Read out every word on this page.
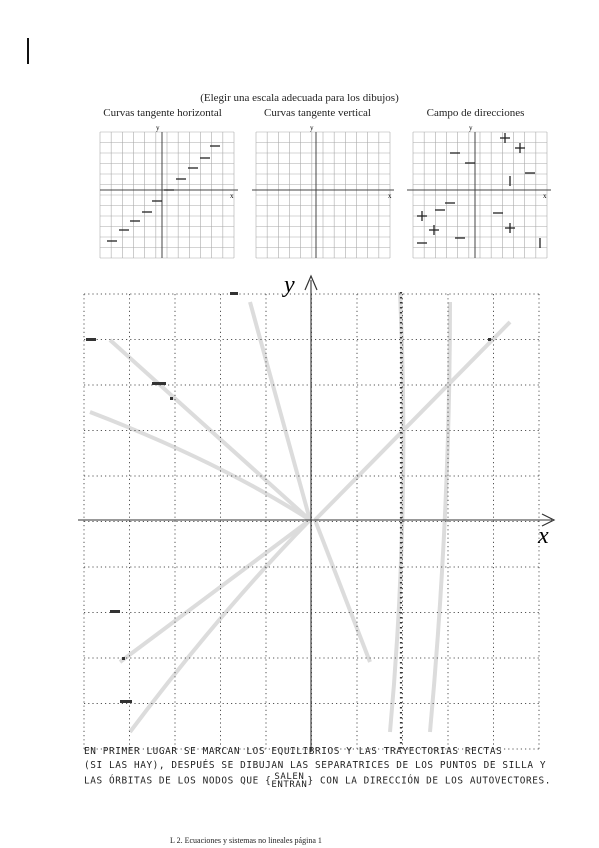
(Elegir una escala adecuada para los dibujos)
Curvas tangente horizontal	Curvas tangente vertical	Campo de direcciones
y
x
y
x
y
x
y
x
EN PRIMER LUGAR SE MARCAN LOS EQUILIBRIOS Y LAS TRAYECTORIAS RECTAS
(SI LAS HAY), DESPUÉS SE DIBUJAN LAS SEPARATRICES DE LOS PUNTOS DE SILLA Y
LAS ÓRBITAS DE LOS NODOS QUE { SALEN
ENTRAN } CON LA DIRECCIÓN DE LOS AUTOVECTORES.
L 2. Ecuaciones y sistemas no lineales página 1
